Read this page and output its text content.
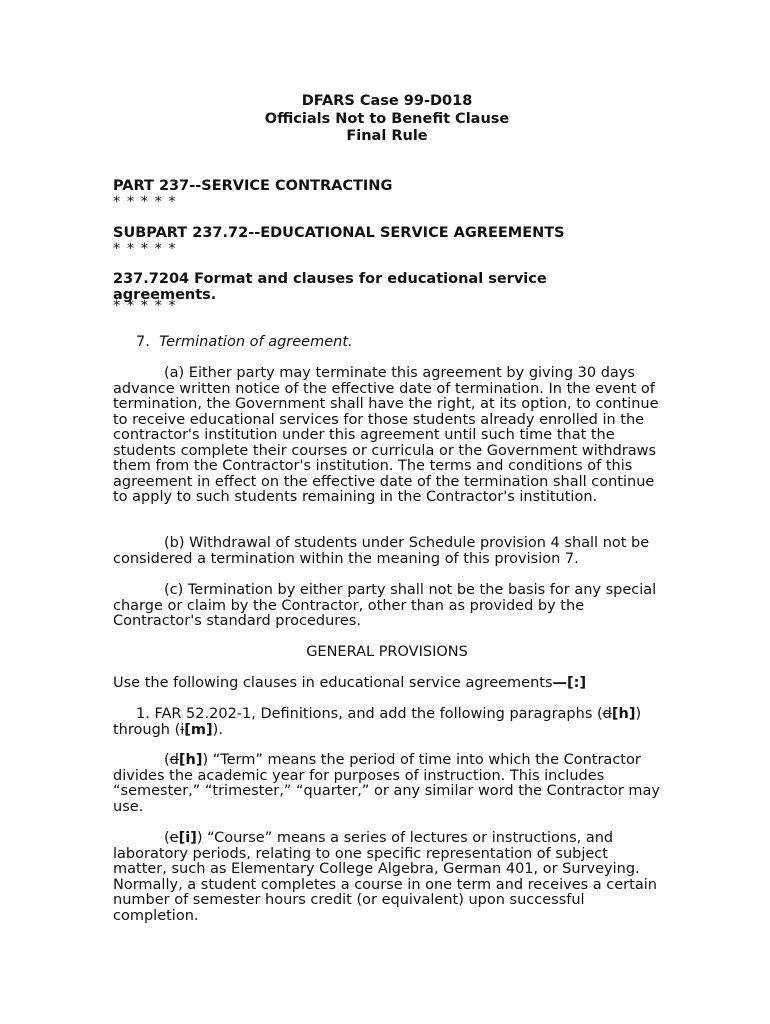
DFARS Case 99-D018
Officials Not to Benefit Clause
Final Rule

PART 237--SERVICE CONTRACTING

* * * * *

SUBPART 237.72--EDUCATIONAL SERVICE AGREEMENTS

* * * * *

237.7204 Format and clauses for educational service agreements.

* * * * *

7. Termination of agreement.

(a) Either party may terminate this agreement by giving 30 days advance written notice of the effective date of termination. In the event of termination, the Government shall have the right, at its option, to continue to receive educational services for those students already enrolled in the contractor's institution under this agreement until such time that the students complete their courses or curricula or the Government withdraws them from the Contractor's institution. The terms and conditions of this agreement in effect on the effective date of the termination shall continue to apply to such students remaining in the Contractor's institution.

(b) Withdrawal of students under Schedule provision 4 shall not be considered a termination within the meaning of this provision 7.

(c) Termination by either party shall not be the basis for any special charge or claim by the Contractor, other than as provided by the Contractor's standard procedures.

GENERAL PROVISIONS

Use the following clauses in educational service agreements—[:]

1. FAR 52.202-1, Definitions, and add the following paragraphs (d[h]) through (i[m]).

(d[h]) “Term” means the period of time into which the Contractor divides the academic year for purposes of instruction. This includes “semester,” “trimester,” “quarter,” or any similar word the Contractor may use.

(e[i]) “Course” means a series of lectures or instructions, and laboratory periods, relating to one specific representation of subject matter, such as Elementary College Algebra, German 401, or Surveying. Normally, a student completes a course in one term and receives a certain number of semester hours credit (or equivalent) upon successful completion.
